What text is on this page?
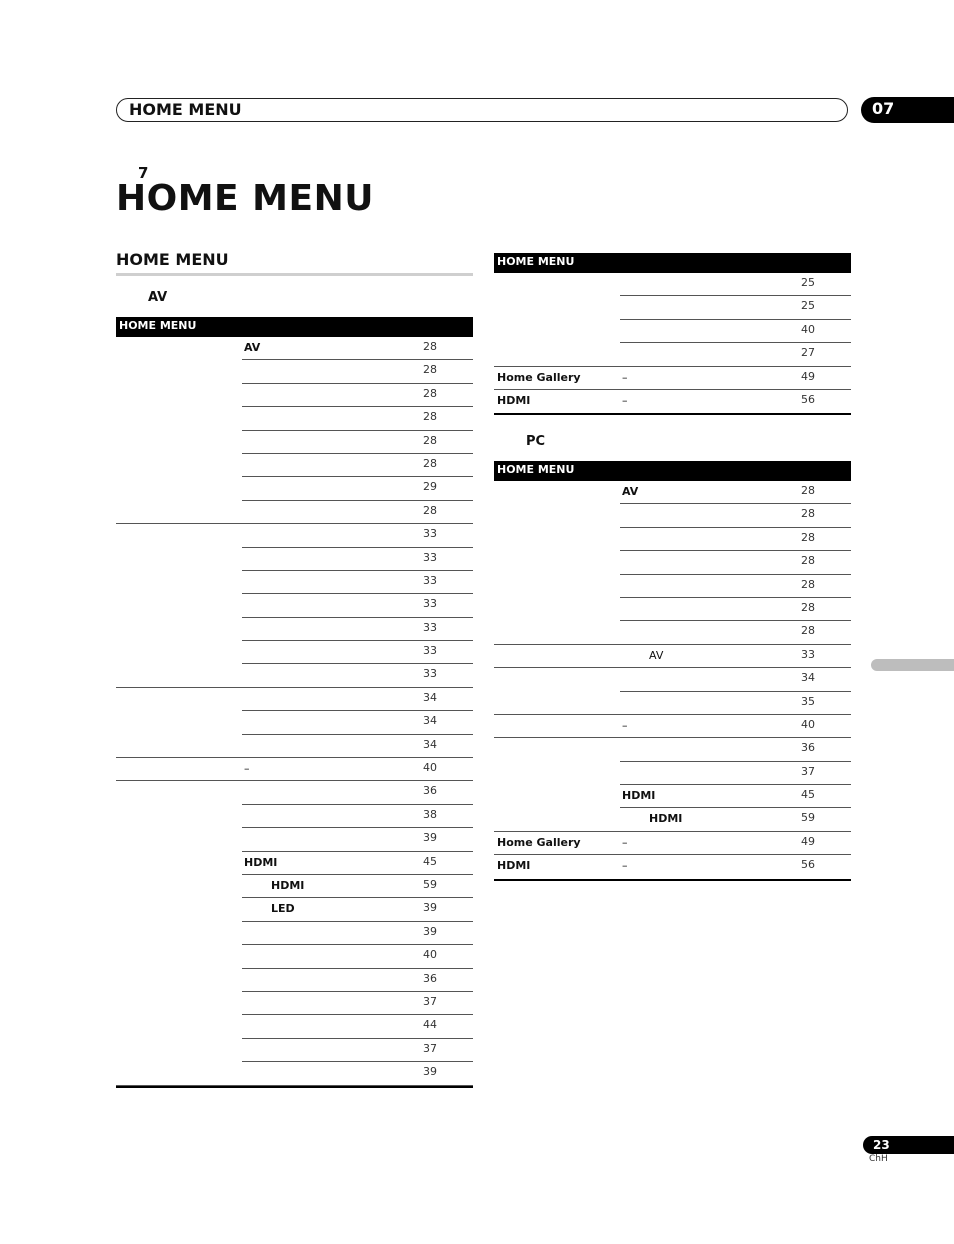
HOME MENU	07
7
HOME MENU
HOME MENU
AV
HOME MENU
AV	28
28
28
28
28
28
29
28
33
33
33
33
33
33
33
34
34
34
–	40
36
38
39
HDMI	45
HDMI	59
LED	39
39
40
36
37
44
37
39
HOME MENU
25
25
40
27
Home Gallery	–	49
HDMI	–	56
PC
HOME MENU
AV	28
28
28
28
28
28
28
AV	33
34
35
–	40
36
37
HDMI	45
HDMI	59
Home Gallery	–	49
HDMI	–	56
23
ChH
